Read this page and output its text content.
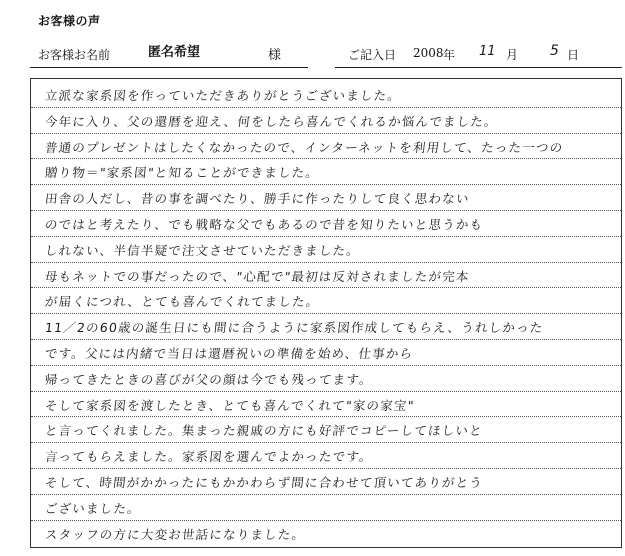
お客様の声
お客様お名前	匿名希望	様	ご記入日 2008 年 11 月 5 日
立派な家系図を作っていただきありがとうございました。
今年に入り、父の還暦を迎え、何をしたら喜んでくれるか悩んでました。
普通のプレゼントはしたくなかったので、インターネットを利用して、たった一つの
贈り物＝"家系図"と知ることができました。
田舎の人だし、昔の事を調べたり、勝手に作ったりして良く思わない
のではと考えたり、でも戦略な父でもあるので昔を知りたいと思うかも
しれない、半信半疑で注文させていただきました。
母もネットでの事だったので、"心配で"最初は反対されましたが完本
が届くにつれ、とても喜んでくれてました。
11／2の60歳の誕生日にも間に合うように家系図作成してもらえ、うれしかった
です。父には内緒で当日は還暦祝いの準備を始め、仕事から
帰ってきたときの喜びが父の顔は今でも残ってます。
そして家系図を渡したとき、とても喜んでくれて"家の家宝"
と言ってくれました。集まった親戚の方にも好評でコピーしてほしいと
言ってもらえました。家系図を選んでよかったです。
そして、時間がかかったにもかかわらず間に合わせて頂いてありがとう
ございました。
スタッフの方に大変お世話になりました。
